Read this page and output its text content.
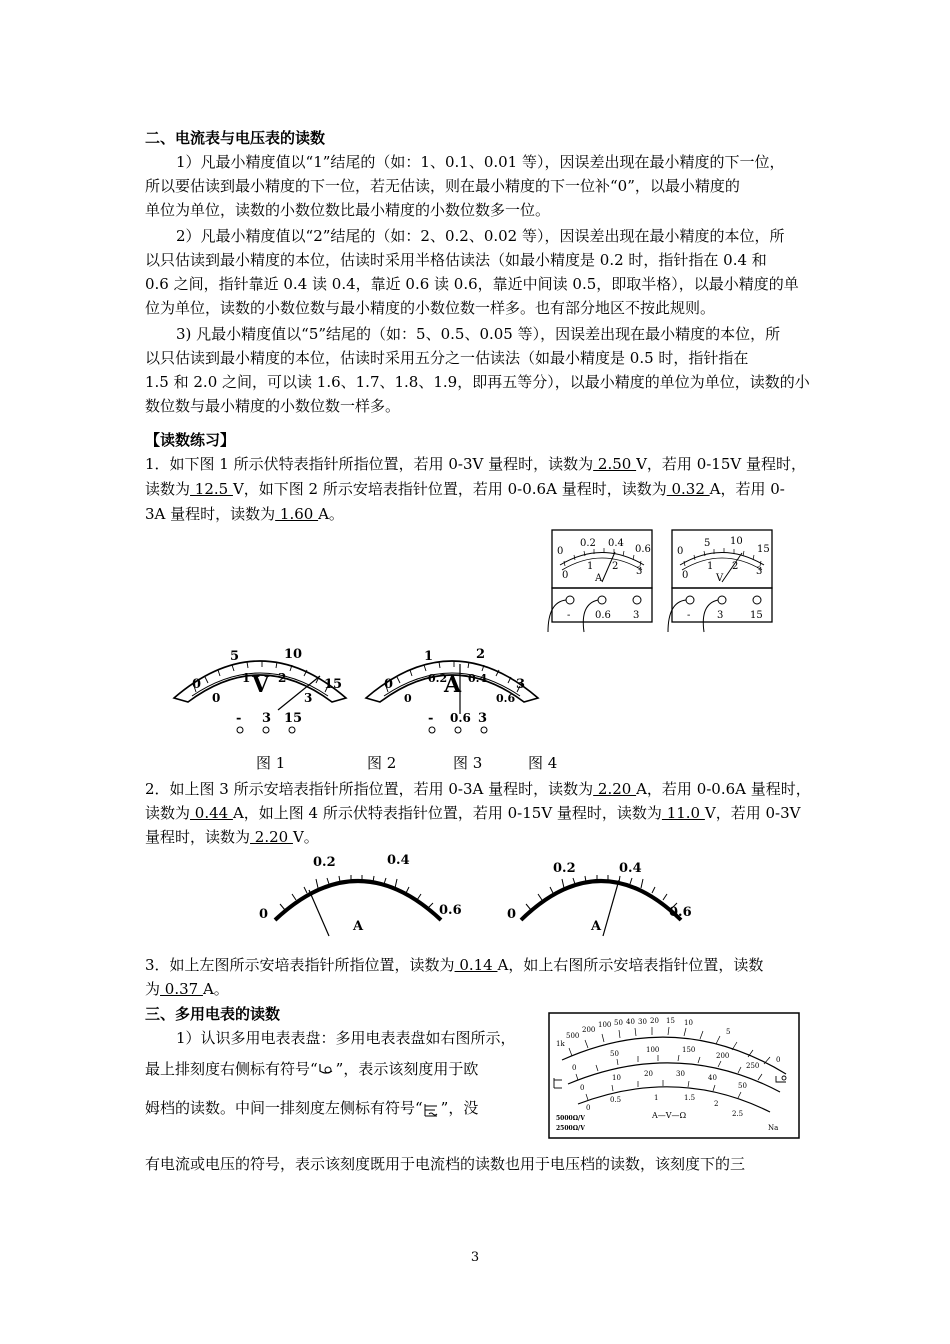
二、电流表与电压表的读数
1）凡最小精度值以“1”结尾的（如：1、0.1、0.01 等），因误差出现在最小精度的下一位，
所以要估读到最小精度的下一位，若无估读，则在最小精度的下一位补“0”，以最小精度的
单位为单位，读数的小数位数比最小精度的小数位数多一位。
2）凡最小精度值以“2”结尾的（如：2、0.2、0.02 等），因误差出现在最小精度的本位，所
以只估读到最小精度的本位，估读时采用半格估读法（如最小精度是 0.2 时，指针指在 0.4 和
0.6 之间，指针靠近 0.4 读 0.4，靠近 0.6 读 0.6，靠近中间读 0.5，即取半格），以最小精度的单
位为单位，读数的小数位数与最小精度的小数位数一样多。也有部分地区不按此规则。
3) 凡最小精度值以“5”结尾的（如：5、0.5、0.05 等），因误差出现在最小精度的本位，所
以只估读到最小精度的本位，估读时采用五分之一估读法（如最小精度是 0.5 时，指针指在
1.5 和 2.0 之间，可以读 1.6、1.7、1.8、1.9，即再五等分），以最小精度的单位为单位，读数的小
数位数与最小精度的小数位数一样多。
【读数练习】
1．如下图 1 所示伏特表指针所指位置，若用 0-3V 量程时，读数为 2.50 V，若用 0-15V 量程时，
读数为 12.5 V，如下图 2 所示安培表指针位置，若用 0-0.6A 量程时，读数为 0.32 A，若用 0-
3A 量程时，读数为 1.60 A。
0
0.2 0.4
0.6
0
1 2 3
A
- 0.6 3
0
5 10
15
0
1 2 3
V
-	3	15
0
5	10
15
0
1 2
3
V
- 3 15
0
1	2
3
0
0.2 0.4
0.6
A
- 0.6 3
图 1	图 2	图 3	图 4
2．如上图 3 所示安培表指针所指位置，若用 0-3A 量程时，读数为 2.20 A，若用 0-0.6A 量程时，
读数为 0.44 A，如上图 4 所示伏特表指针位置，若用 0-15V 量程时，读数为 11.0 V，若用 0-3V
量程时，读数为 2.20 V。
0
0.2	0.4
0.6
A
0
0.2	0.4
0.6
A
3．如上左图所示安培表指针所指位置，读数为 0.14 A，如上右图所示安培表指针位置，读数
为 0.37 A。
三、多用电表的读数
1）认识多用电表表盘：多用电表表盘如右图所示，
最上排刻度右侧标有符号“ ”，表示该刻度用于欧
姆档的读数。中间一排刻度左侧标有符号“ ”，没
1k
500
200
100 50 40 30 20 15 10
5
0
0
50	100	150
200
250
0
10	20	30	40
50
0
0.5	1	1.5
2
2.5
A—V—Ω
Na
5000Ω/V
2500Ω/V
有电流或电压的符号，表示该刻度既用于电流档的读数也用于电压档的读数，该刻度下的三
3
